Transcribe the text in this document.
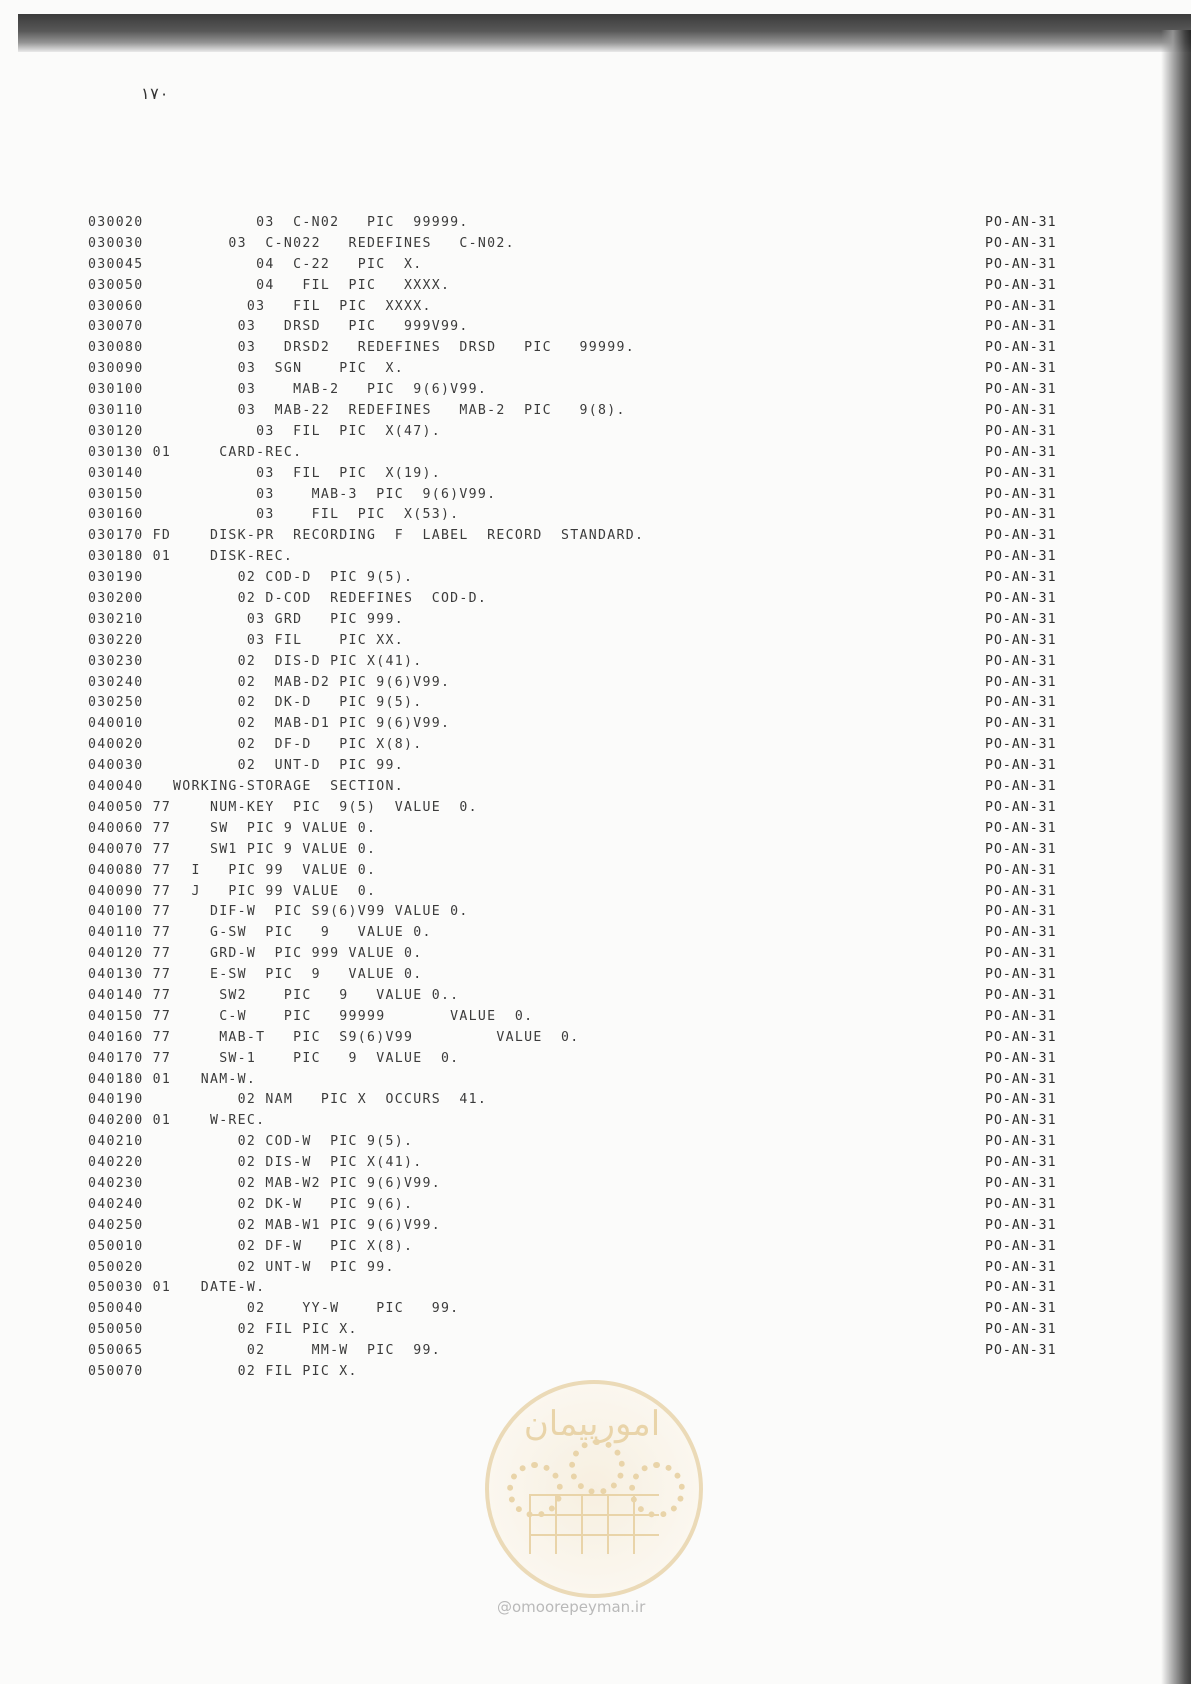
۱۷۰
030020         03  C-N02   PIC  99999.
030030      03  C-N022   REDEFINES   C-N02.
030045         04  C-22   PIC  X.
030050         04   FIL  PIC   XXXX.
030060        03   FIL  PIC  XXXX.
030070       03   DRSD   PIC   999V99.
030080       03   DRSD2   REDEFINES  DRSD   PIC   99999.
030090       03  SGN    PIC  X.
030100       03    MAB-2   PIC  9(6)V99.
030110       03  MAB-22  REDEFINES   MAB-2  PIC   9(8).
030120         03  FIL  PIC  X(47).
030130 01     CARD-REC.
030140         03  FIL  PIC  X(19).
030150         03    MAB-3  PIC  9(6)V99.
030160         03    FIL  PIC  X(53).
030170 FD    DISK-PR  RECORDING  F  LABEL  RECORD  STANDARD.
030180 01    DISK-REC.
030190       02 COD-D  PIC 9(5).
030200       02 D-COD  REDEFINES  COD-D.
030210        03 GRD   PIC 999.
030220        03 FIL    PIC XX.
030230       02  DIS-D PIC X(41).
030240       02  MAB-D2 PIC 9(6)V99.
030250       02  DK-D   PIC 9(5).
040010       02  MAB-D1 PIC 9(6)V99.
040020       02  DF-D   PIC X(8).
040030       02  UNT-D  PIC 99.
040040 WORKING-STORAGE  SECTION.
040050 77    NUM-KEY  PIC  9(5)  VALUE  0.
040060 77    SW  PIC 9 VALUE 0.
040070 77    SW1 PIC 9 VALUE 0.
040080 77  I   PIC 99  VALUE 0.
040090 77  J   PIC 99 VALUE  0.
040100 77    DIF-W  PIC S9(6)V99 VALUE 0.
040110 77    G-SW  PIC   9   VALUE 0.
040120 77    GRD-W  PIC 999 VALUE 0.
040130 77    E-SW  PIC  9   VALUE 0.
040140 77     SW2    PIC   9   VALUE 0..
040150 77     C-W    PIC   99999       VALUE  0.
040160 77     MAB-T   PIC  S9(6)V99         VALUE  0.
040170 77     SW-1    PIC   9  VALUE  0.
040180 01   NAM-W.
040190       02 NAM   PIC X  OCCURS  41.
040200 01    W-REC.
040210       02 COD-W  PIC 9(5).
040220       02 DIS-W  PIC X(41).
040230       02 MAB-W2 PIC 9(6)V99.
040240       02 DK-W   PIC 9(6).
040250       02 MAB-W1 PIC 9(6)V99.
050010       02 DF-W   PIC X(8).
050020       02 UNT-W  PIC 99.
050030 01   DATE-W.
050040        02    YY-W    PIC   99.
050050       02 FIL PIC X.
050065        02     MM-W  PIC  99.
050070       02 FIL PIC X.
PO-AN-31
PO-AN-31
PO-AN-31
PO-AN-31
PO-AN-31
PO-AN-31
PO-AN-31
PO-AN-31
PO-AN-31
PO-AN-31
PO-AN-31
PO-AN-31
PO-AN-31
PO-AN-31
PO-AN-31
PO-AN-31
PO-AN-31
PO-AN-31
PO-AN-31
PO-AN-31
PO-AN-31
PO-AN-31
PO-AN-31
PO-AN-31
PO-AN-31
PO-AN-31
PO-AN-31
PO-AN-31
PO-AN-31
PO-AN-31
PO-AN-31
PO-AN-31
PO-AN-31
PO-AN-31
PO-AN-31
PO-AN-31
PO-AN-31
PO-AN-31
PO-AN-31
PO-AN-31
PO-AN-31
PO-AN-31
PO-AN-31
PO-AN-31
PO-AN-31
PO-AN-31
PO-AN-31
PO-AN-31
PO-AN-31
PO-AN-31
PO-AN-31
PO-AN-31
PO-AN-31
PO-AN-31
PO-AN-31
امورپیمان
@omoorepeyman.ir
